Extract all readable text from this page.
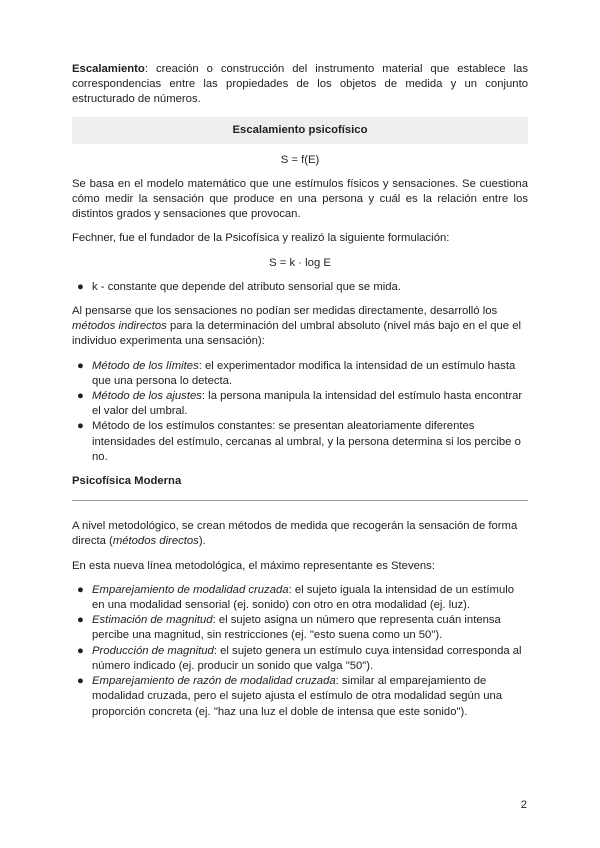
Escalamiento: creación o construcción del instrumento material que establece las correspondencias entre las propiedades de los objetos de medida y un conjunto estructurado de números.

Escalamiento psicofísico

S = f(E)

Se basa en el modelo matemático que une estímulos físicos y sensaciones. Se cuestiona cómo medir la sensación que produce en una persona y cuál es la relación entre los distintos grados y sensaciones que provocan.

Fechner, fue el fundador de la Psicofísica y realizó la siguiente formulación:

S = k · log E

● k - constante que depende del atributo sensorial que se mida.

Al pensarse que los sensaciones no podían ser medidas directamente, desarrolló los métodos indirectos para la determinación del umbral absoluto (nivel más bajo en el que el individuo experimenta una sensación):

● Método de los límites: el experimentador modifica la intensidad de un estímulo hasta que una persona lo detecta.
● Método de los ajustes: la persona manipula la intensidad del estímulo hasta encontrar el valor del umbral.
● Método de los estímulos constantes: se presentan aleatoriamente diferentes intensidades del estímulo, cercanas al umbral, y la persona determina si los percibe o no.

Psicofísica Moderna

A nivel metodológico, se crean métodos de medida que recogerán la sensación de forma directa (métodos directos).

En esta nueva línea metodológica, el máximo representante es Stevens:

● Emparejamiento de modalidad cruzada: el sujeto iguala la intensidad de un estímulo en una modalidad sensorial (ej. sonido) con otro en otra modalidad (ej. luz).
● Estimación de magnitud: el sujeto asigna un número que representa cuán intensa percibe una magnitud, sin restricciones (ej. "esto suena como un 50").
● Producción de magnitud: el sujeto genera un estímulo cuya intensidad corresponda al número indicado (ej. producir un sonido que valga "50").
● Emparejamiento de razón de modalidad cruzada: similar al emparejamiento de modalidad cruzada, pero el sujeto ajusta el estímulo de otra modalidad según una proporción concreta (ej. "haz una luz el doble de intensa que este sonido").
2
